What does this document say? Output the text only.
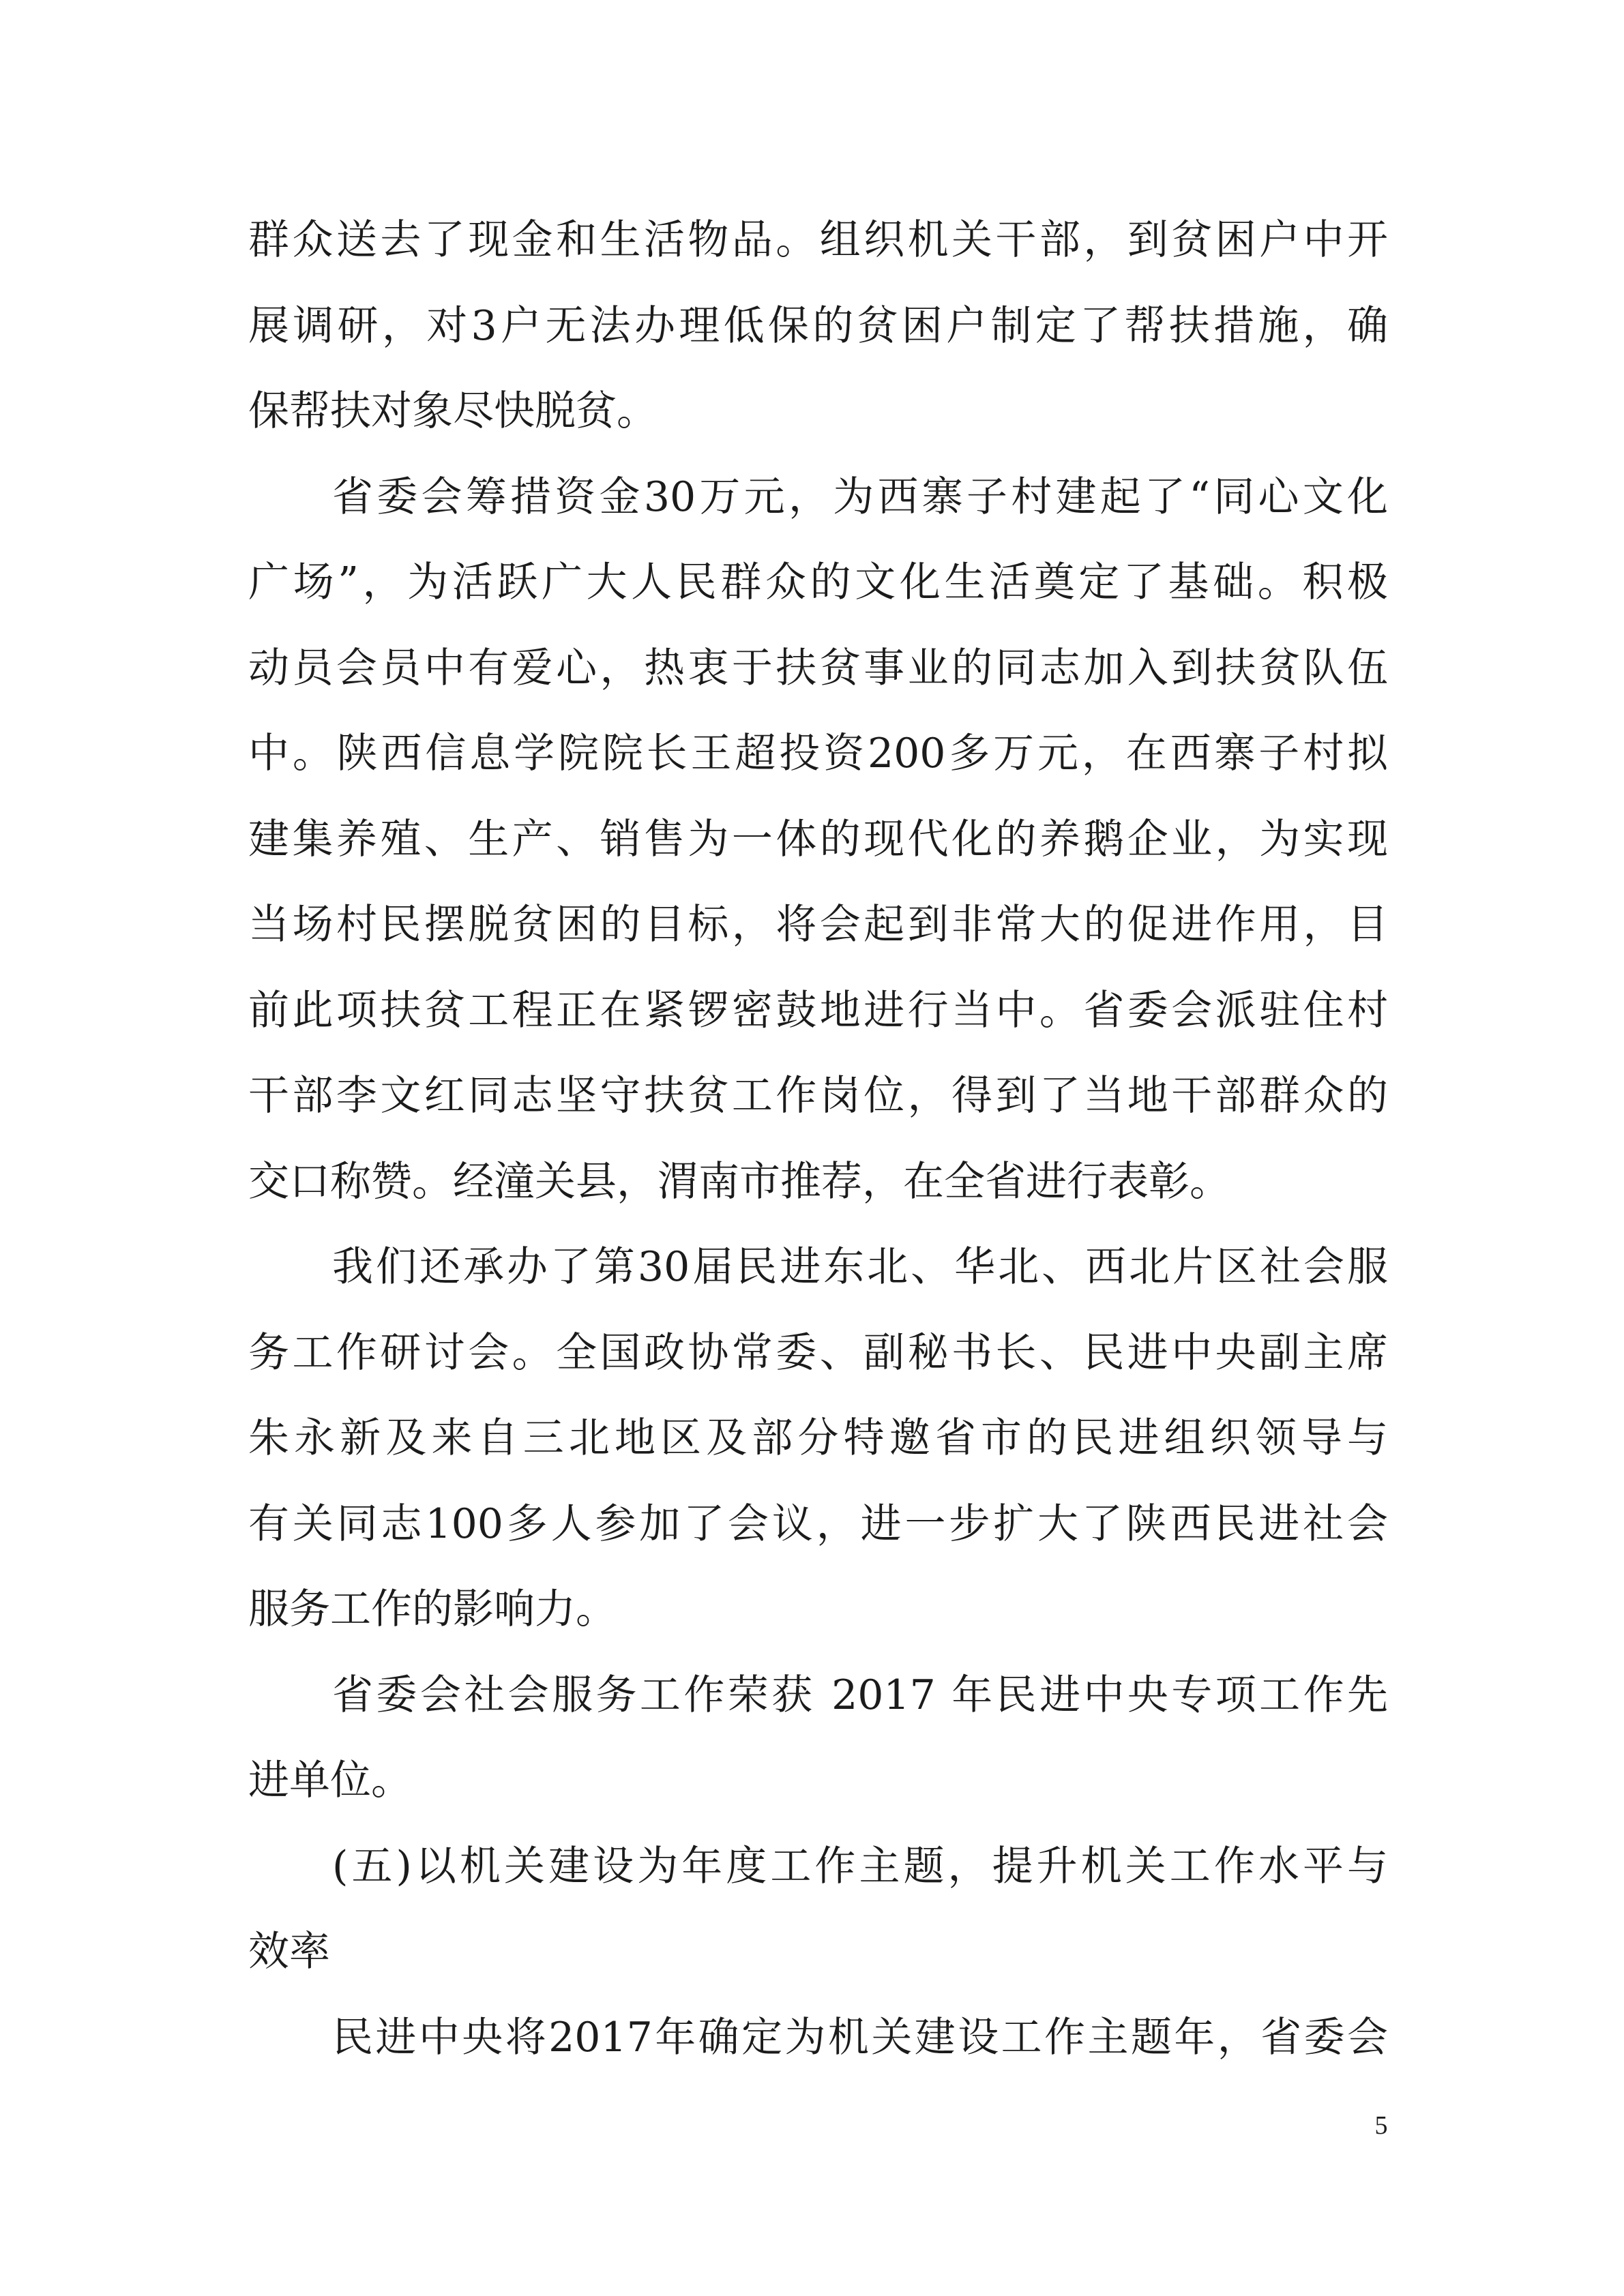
群众送去了现金和生活物品。组织机关干部，到贫困户中开
展调研，对3户无法办理低保的贫困户制定了帮扶措施，确
保帮扶对象尽快脱贫。
省委会筹措资金30万元，为西寨子村建起了“同心文化
广场”，为活跃广大人民群众的文化生活奠定了基础。积极
动员会员中有爱心，热衷于扶贫事业的同志加入到扶贫队伍
中。陕西信息学院院长王超投资200多万元，在西寨子村拟
建集养殖、生产、销售为一体的现代化的养鹅企业，为实现
当场村民摆脱贫困的目标，将会起到非常大的促进作用，目
前此项扶贫工程正在紧锣密鼓地进行当中。省委会派驻住村
干部李文红同志坚守扶贫工作岗位，得到了当地干部群众的
交口称赞。经潼关县，渭南市推荐，在全省进行表彰。
我们还承办了第30届民进东北、华北、西北片区社会服
务工作研讨会。全国政协常委、副秘书长、民进中央副主席
朱永新及来自三北地区及部分特邀省市的民进组织领导与
有关同志100多人参加了会议，进一步扩大了陕西民进社会
服务工作的影响力。
省委会社会服务工作荣获 2017 年民进中央专项工作先
进单位。
(五)以机关建设为年度工作主题，提升机关工作水平与
效率
民进中央将2017年确定为机关建设工作主题年，省委会
5
